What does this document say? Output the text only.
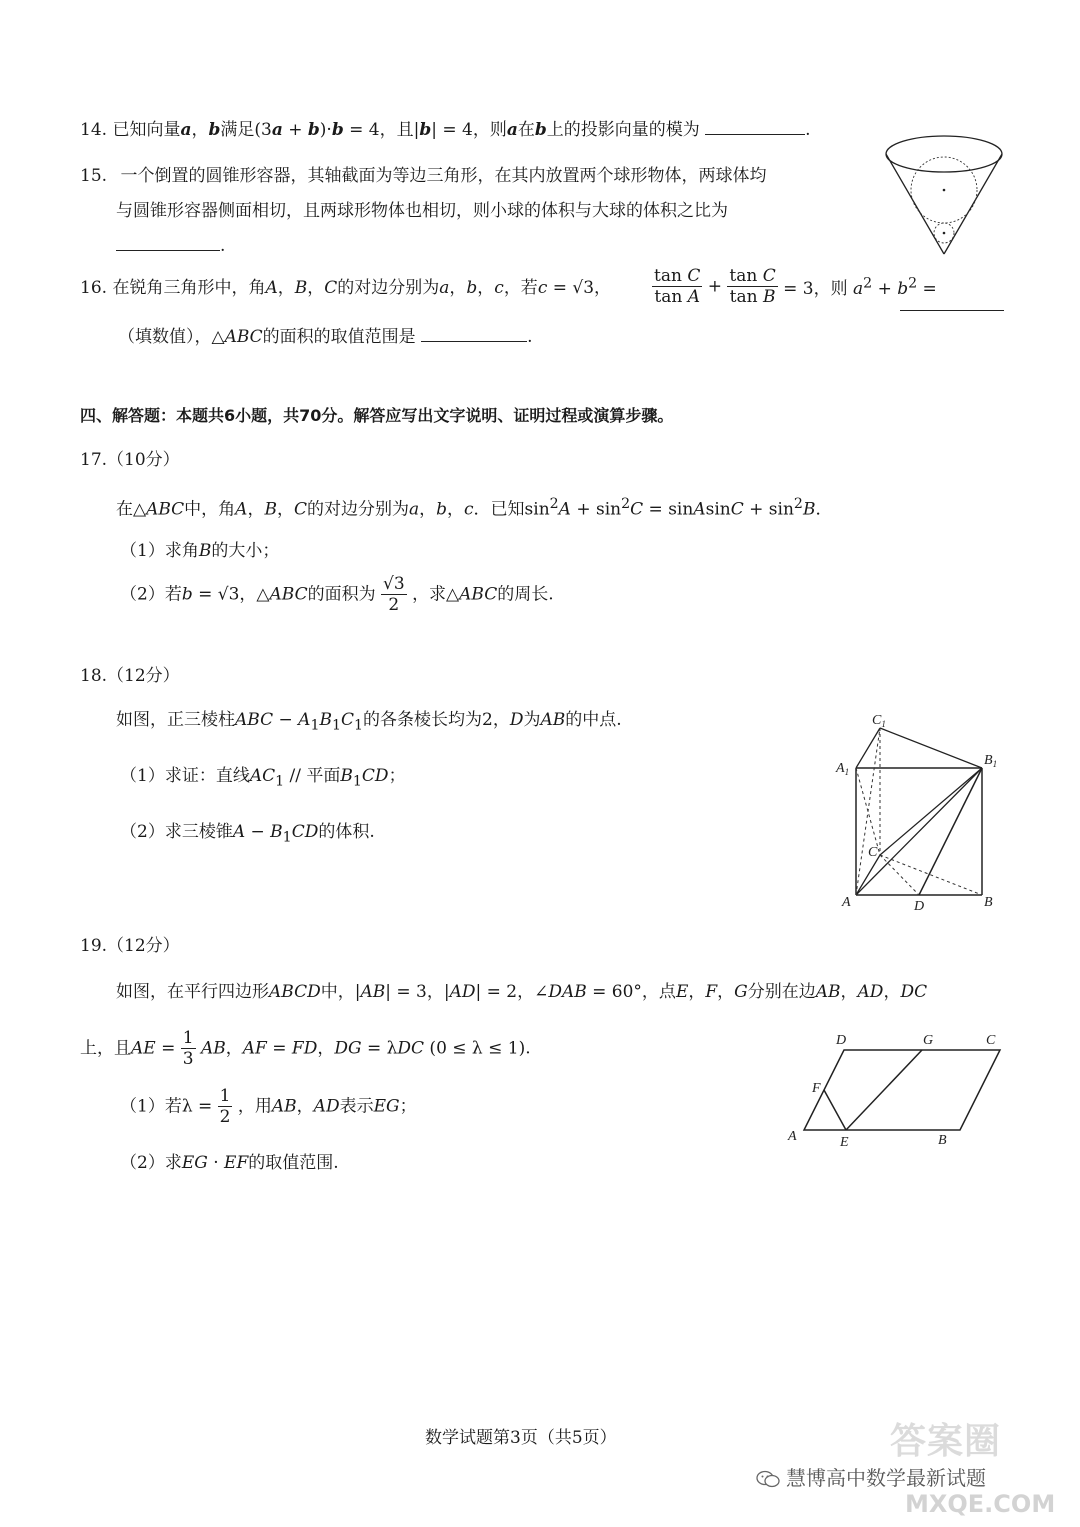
14. 已知向量a，b满足(3a + b)·b = 4，且|b| = 4，则a在b上的投影向量的模为	.
15. 一个倒置的圆锥形容器，其轴截面为等边三角形，在其内放置两个球形物体，两球体均
与圆锥形容器侧面相切，且两球形物体也相切，则小球的体积与大球的体积之比为
.
16. 在锐角三角形中，角A，B，C的对边分别为a，b，c，若c = √3， $\frac{\text{tan C}}{\text{tan A}} + \frac{\text{tan C}}{\text{tan B}} = 3$，则 $a^2 + b^2$ =
（填数值），△ABC的面积的取值范围是	.
四、解答题：本题共6小题，共70分。解答应写出文字说明、证明过程或演算步骤。
17.（10分）
在△ABC中，角A，B，C的对边分别为a，b，c．已知$\sin^2A + \sin^2C$ = sinAsinC + $\sin^2B$．
（1）求角B的大小；
（2）若b = √3，△ABC的面积为 $\frac{√3}{2}$ ，求△ABC的周长.
18.（12分）
如图，正三棱柱ABC − $A_1B_1C_1$的各条棱长均为2，D为AB的中点.
（1）求证：直线$AC_1$ // 平面$B_1CD$；
（2）求三棱锥$A - B_1CD$的体积.
$C_1$
$A_1$
$B_1$
C
A	D	B
19.（12分）
如图，在平行四边形ABCD中，|AB| = 3，|AD| = 2，∠DAB = 60°，点E，F，G分别在边AB，AD，DC
上，且AE = $\frac{1}{3}$ AB，AF = FD，DG = λDC (0 ≤ λ ≤ 1).
（1）若$\lambda = \frac{1}{2}$ ，用AB，AD表示EG；
（2）求EG · EF的取值范围.
D	G	C
F
A	E	B
数学试题第3页（共5页）
慧博高中数学最新试题
答案圈
MXQE.COM
